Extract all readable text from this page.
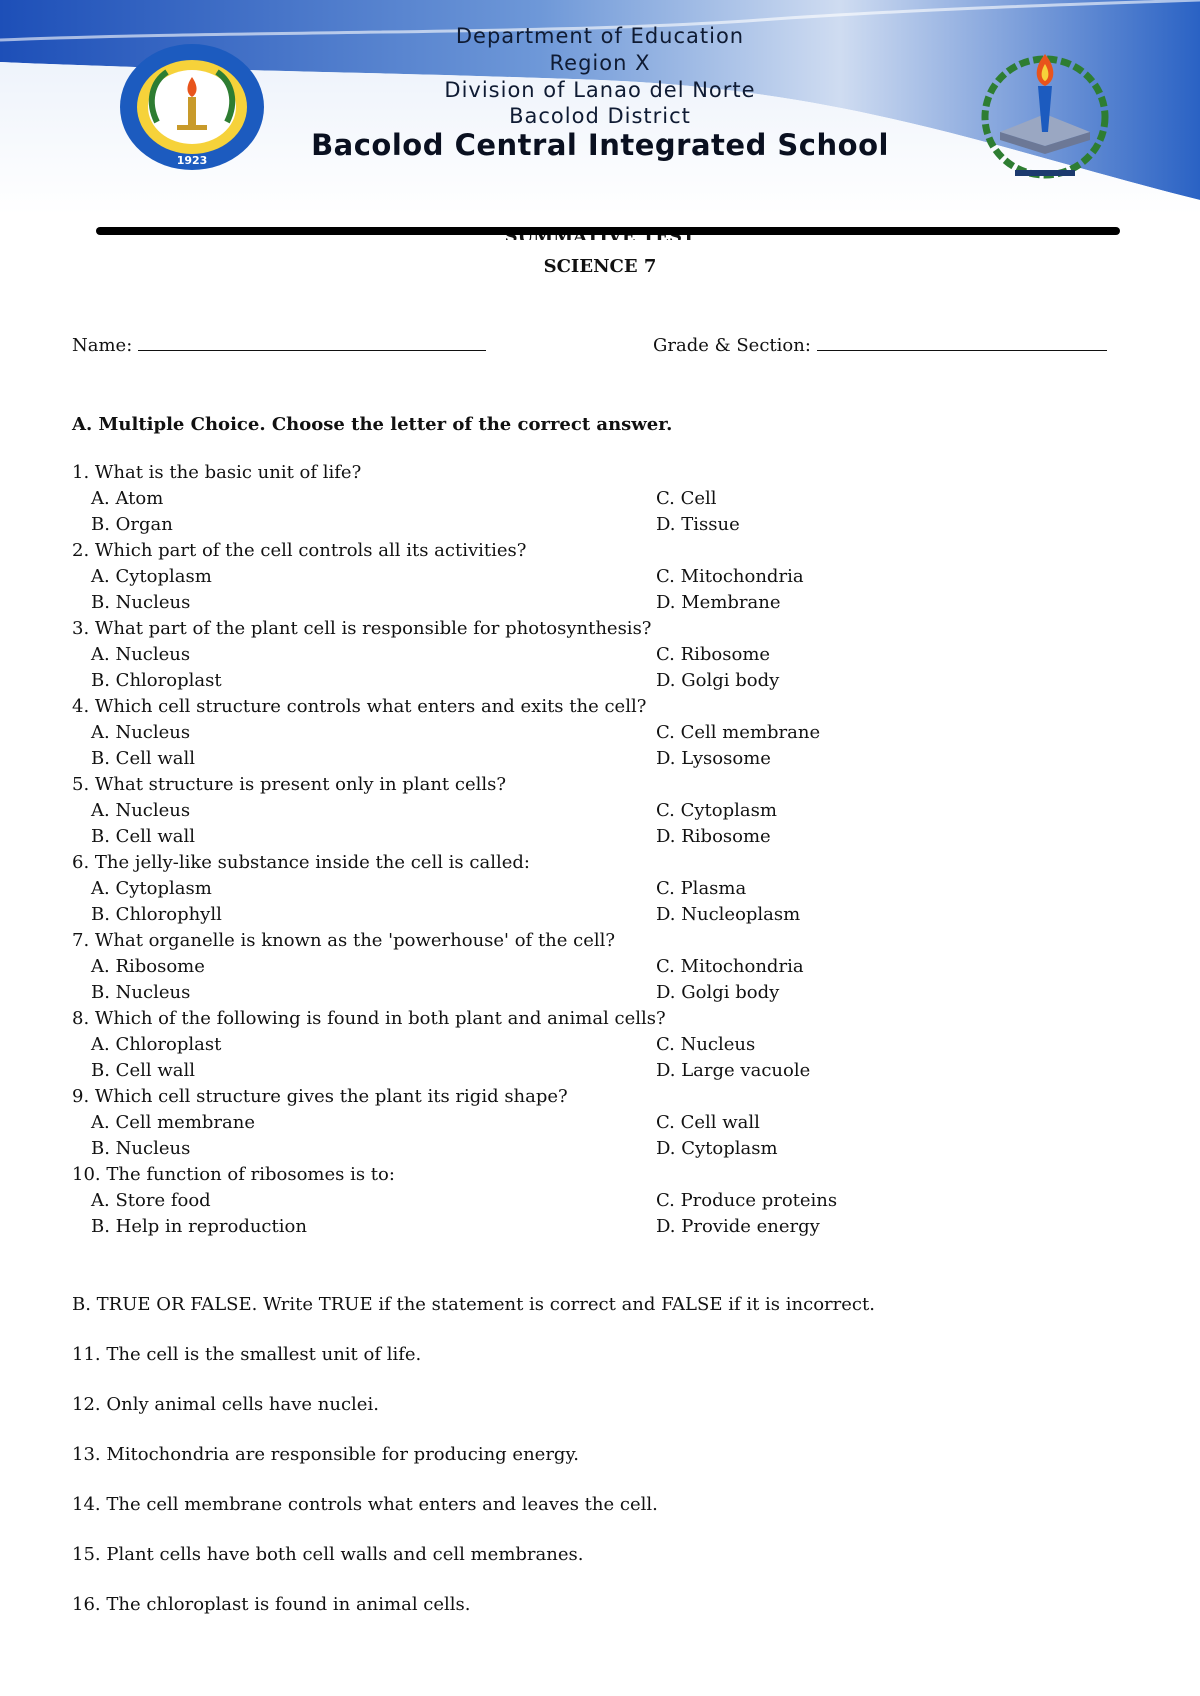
1923
Department of Education
Region X
Division of Lanao del Norte
Bacolod District
Bacolod Central Integrated School
SCIENCE 7
Name:	Grade & Section:
A. Multiple Choice. Choose the letter of the correct answer.
1. What is the basic unit of life?
A. Atom	C. Cell
B. Organ	D. Tissue
2. Which part of the cell controls all its activities?
A. Cytoplasm	C. Mitochondria
B. Nucleus	D. Membrane
3. What part of the plant cell is responsible for photosynthesis?
A. Nucleus	C. Ribosome
B. Chloroplast	D. Golgi body
4. Which cell structure controls what enters and exits the cell?
A. Nucleus	C. Cell membrane
B. Cell wall	D. Lysosome
5. What structure is present only in plant cells?
A. Nucleus	C. Cytoplasm
B. Cell wall	D. Ribosome
6. The jelly-like substance inside the cell is called:
A. Cytoplasm	C. Plasma
B. Chlorophyll	D. Nucleoplasm
7. What organelle is known as the 'powerhouse' of the cell?
A. Ribosome	C. Mitochondria
B. Nucleus	D. Golgi body
8. Which of the following is found in both plant and animal cells?
A. Chloroplast	C. Nucleus
B. Cell wall	D. Large vacuole
9. Which cell structure gives the plant its rigid shape?
A. Cell membrane	C. Cell wall
B. Nucleus	D. Cytoplasm
10. The function of ribosomes is to:
A. Store food	C. Produce proteins
B. Help in reproduction	D. Provide energy
B. TRUE OR FALSE. Write TRUE if the statement is correct and FALSE if it is incorrect.
11. The cell is the smallest unit of life.
12. Only animal cells have nuclei.
13. Mitochondria are responsible for producing energy.
14. The cell membrane controls what enters and leaves the cell.
15. Plant cells have both cell walls and cell membranes.
16. The chloroplast is found in animal cells.
